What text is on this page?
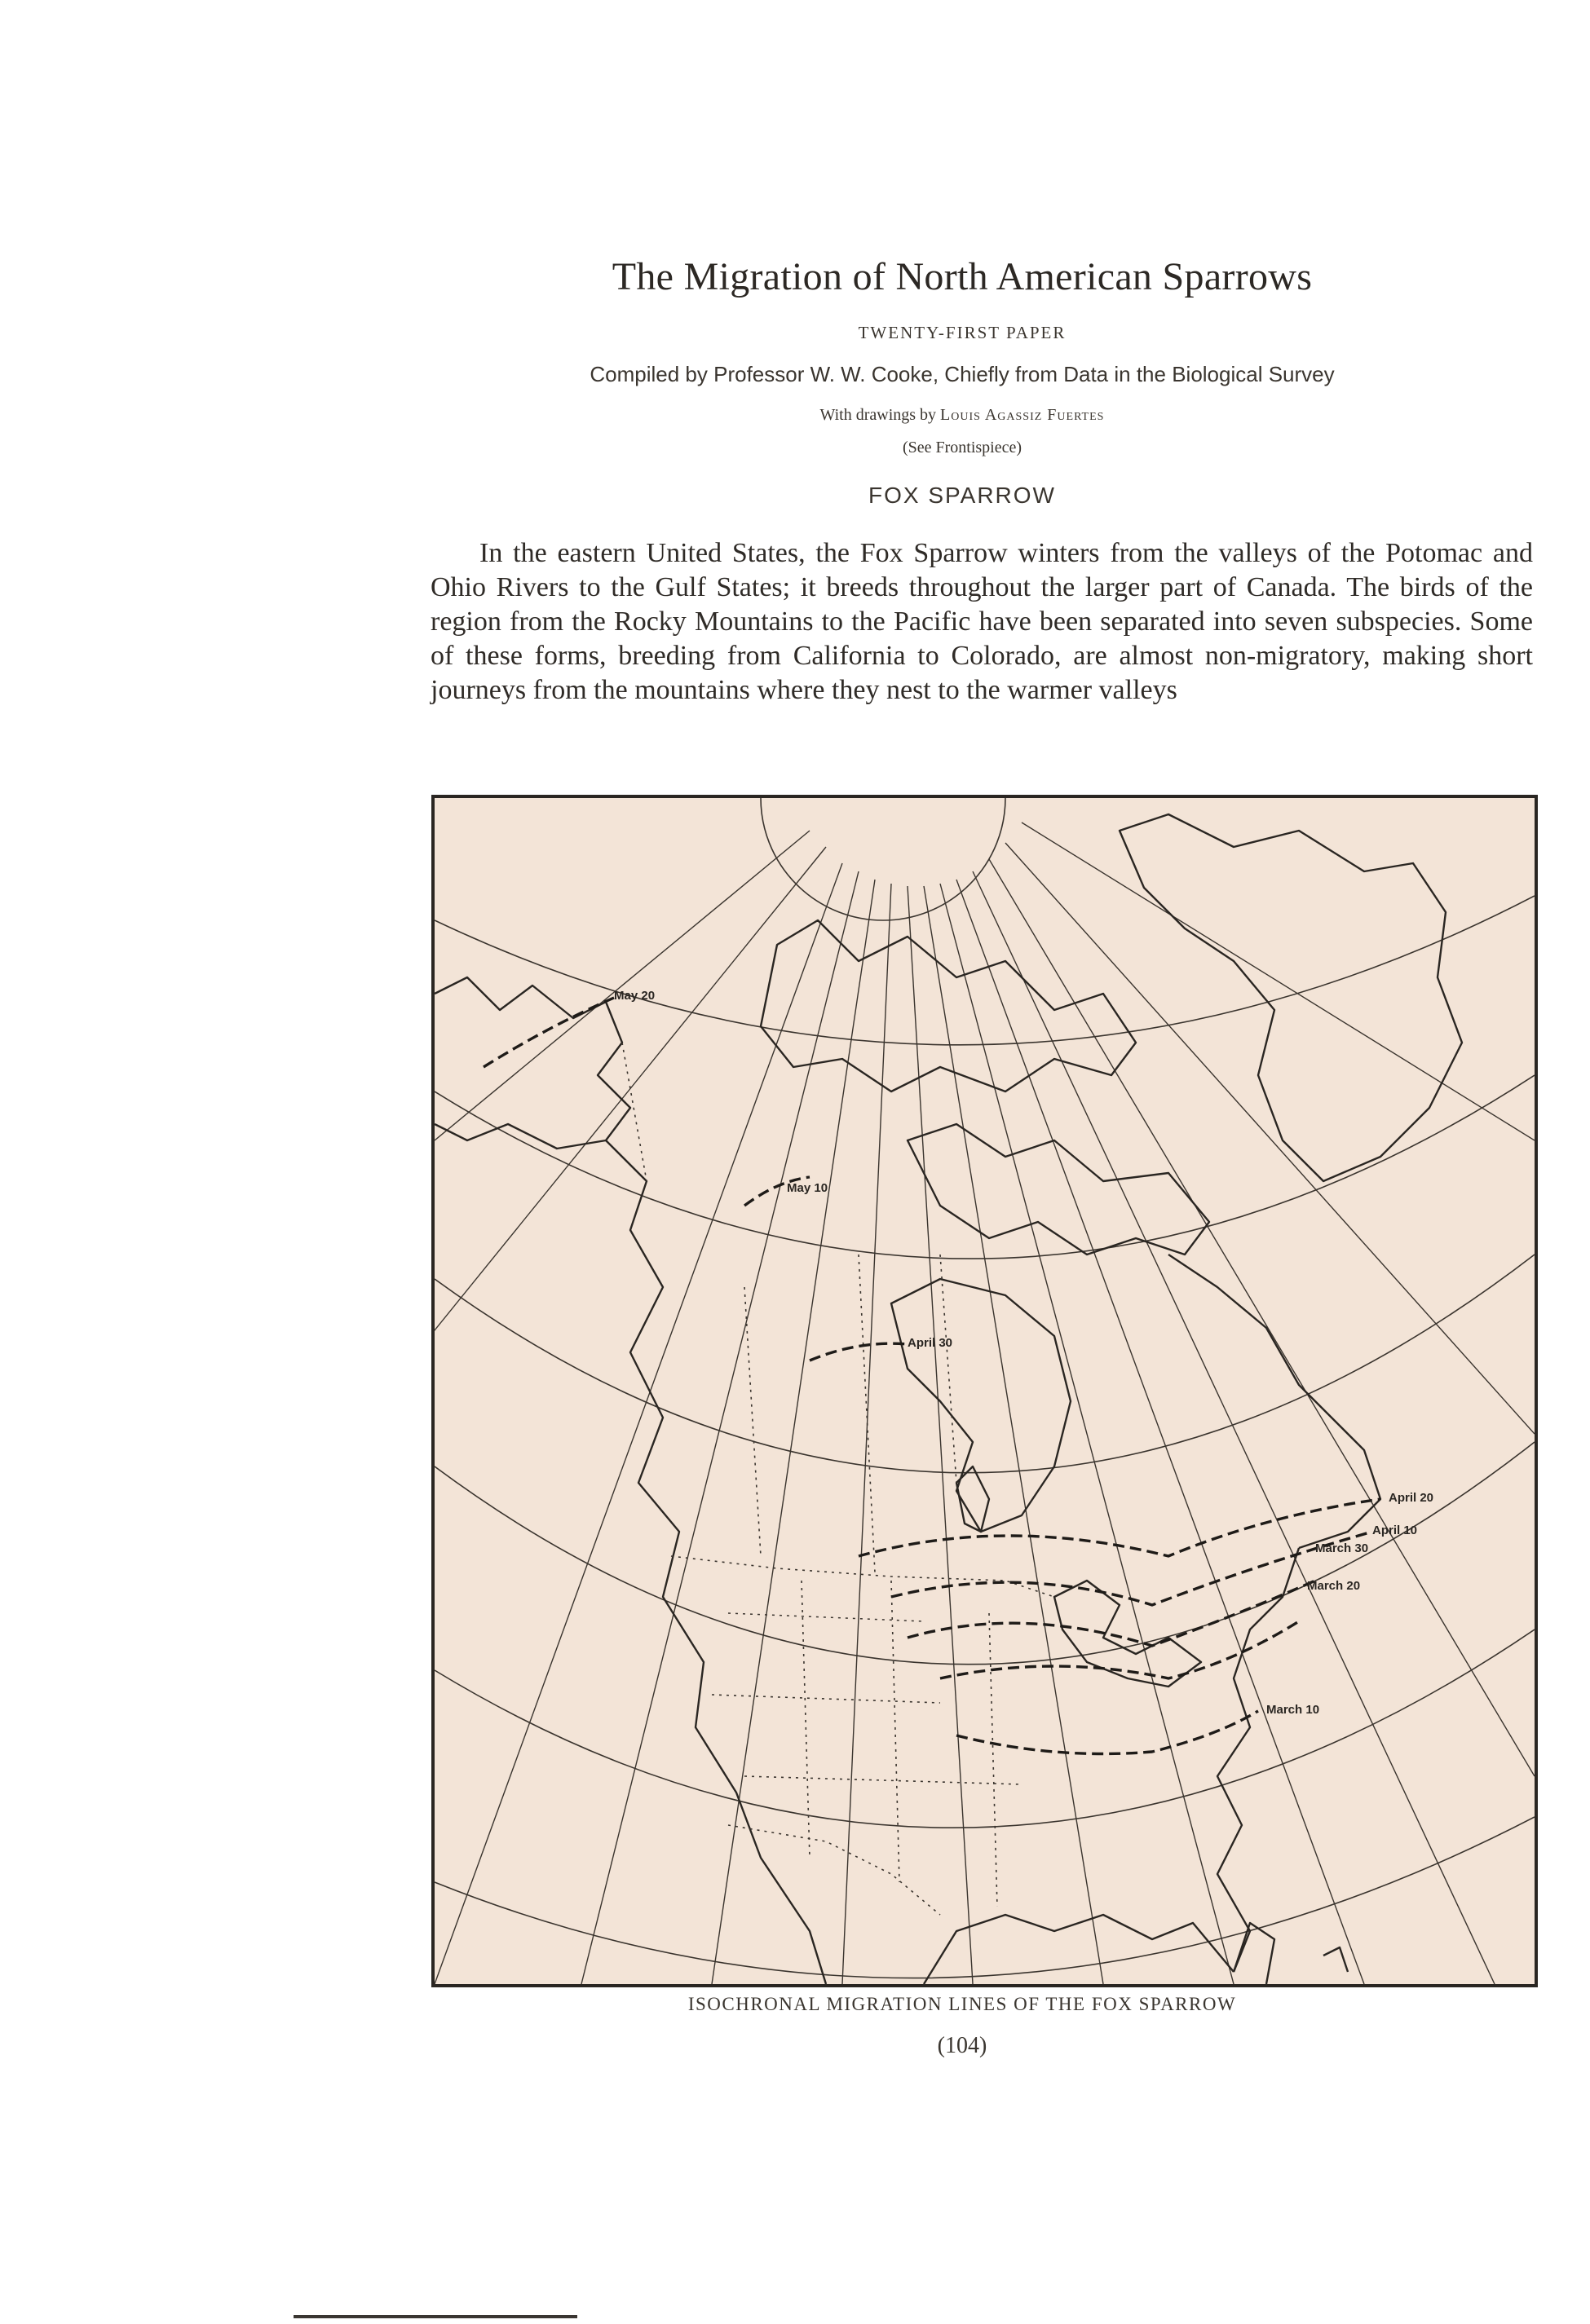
The Migration of North American Sparrows
TWENTY-FIRST PAPER
Compiled by Professor W. W. Cooke, Chiefly from Data in the Biological Survey
With drawings by Louis Agassiz Fuertes
(See Frontispiece)
FOX SPARROW
In the eastern United States, the Fox Sparrow winters from the valleys of the Potomac and Ohio Rivers to the Gulf States; it breeds throughout the larger part of Canada. The birds of the region from the Rocky Mountains to the Pacific have been separated into seven subspecies. Some of these forms, breeding from California to Colorado, are almost non-migratory, making short journeys from the mountains where they nest to the warmer valleys
May 20
May 10
April 30
April 20
April 10
March 30
March 20
March 10
ISOCHRONAL MIGRATION LINES OF THE FOX SPARROW
(104)
